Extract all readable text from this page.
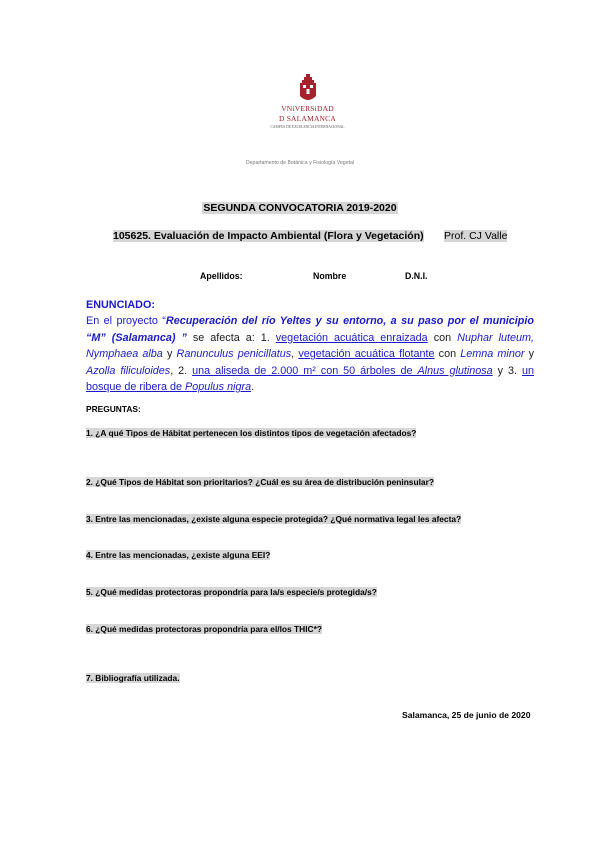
VNiVERSiDAD
D SALAMANCA
CAMPUS DE EXCELENCIA INTERNACIONAL
Departamento de Botánica y Fisiología Vegetal
SEGUNDA CONVOCATORIA 2019-2020
105625. Evaluación de Impacto Ambiental (Flora y Vegetación) Prof. CJ Valle
Apellidos:	Nombre	D.N.I.
ENUNCIADO:
En el proyecto “Recuperación del río Yeltes y su entorno, a su paso por el municipio “M” (Salamanca) ” se afecta a: 1. vegetación acuática enraizada con Nuphar luteum, Nymphaea alba y Ranunculus penicillatus, vegetación acuática flotante con Lemna minor y Azolla filiculoides, 2. una aliseda de 2.000 m² con 50 árboles de Alnus glutinosa y 3. un bosque de ribera de Populus nigra.
PREGUNTAS:
1. ¿A qué Tipos de Hábitat pertenecen los distintos tipos de vegetación afectados?
2. ¿Qué Tipos de Hábitat son prioritarios? ¿Cuál es su área de distribución peninsular?
3. Entre las mencionadas, ¿existe alguna especie protegida? ¿Qué normativa legal les afecta?
4. Entre las mencionadas, ¿existe alguna EEI?
5. ¿Qué medidas protectoras propondría para la/s especie/s protegida/s?
6. ¿Qué medidas protectoras propondría para el/los THIC*?
7. Bibliografía utilizada.
Salamanca, 25 de junio de 2020
